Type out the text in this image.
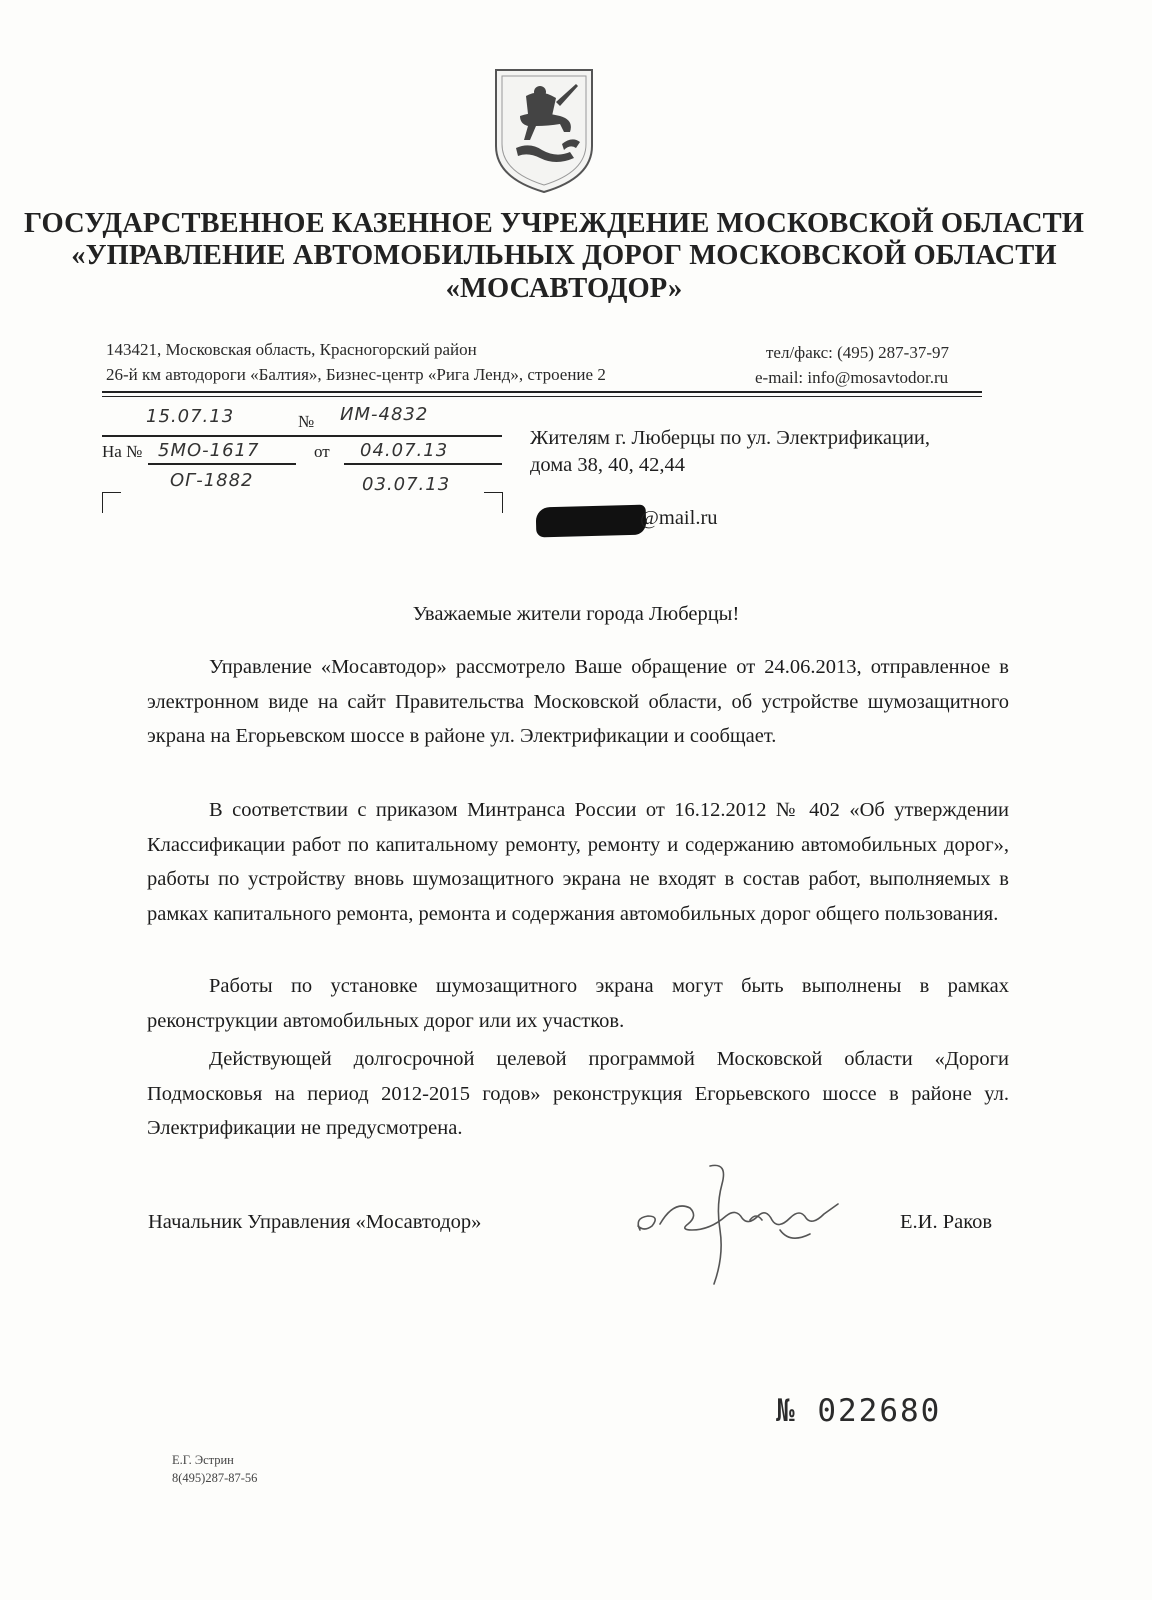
ГОСУДАРСТВЕННОЕ КАЗЕННОЕ УЧРЕЖДЕНИЕ МОСКОВСКОЙ ОБЛАСТИ
«УПРАВЛЕНИЕ АВТОМОБИЛЬНЫХ ДОРОГ МОСКОВСКОЙ ОБЛАСТИ
«МОСАВТОДОР»
143421, Московская область, Красногорский район
26-й км автодороги «Балтия», Бизнес-центр «Рига Ленд», строение 2
тел/факс: (495) 287-37-97
e-mail: info@mosavtodor.ru
15.07.13	№ ИМ-4832
На № 5МО-1617	от 04.07.13
ОГ-1882	03.07.13
Жителям г. Люберцы по ул. Электрификации,
дома 38, 40, 42,44
@mail.ru
Уважаемые жители города Люберцы!
Управление «Мосавтодор» рассмотрело Ваше обращение от 24.06.2013, отправленное в электронном виде на сайт Правительства Московской области, об устройстве шумозащитного экрана на Егорьевском шоссе в районе ул. Электрификации и сообщает.
В соответствии с приказом Минтранса России от 16.12.2012 № 402 «Об утверждении Классификации работ по капитальному ремонту, ремонту и содержанию автомобильных дорог», работы по устройству вновь шумозащитного экрана не входят в состав работ, выполняемых в рамках капитального ремонта, ремонта и содержания автомобильных дорог общего пользования.
Работы по установке шумозащитного экрана могут быть выполнены в рамках реконструкции автомобильных дорог или их участков.
Действующей долгосрочной целевой программой Московской области «Дороги Подмосковья на период 2012-2015 годов» реконструкция Егорьевского шоссе в районе ул. Электрификации не предусмотрена.
Начальник Управления «Мосавтодор»	Е.И. Раков
№ 022680
Е.Г. Эстрин
8(495)287-87-56
